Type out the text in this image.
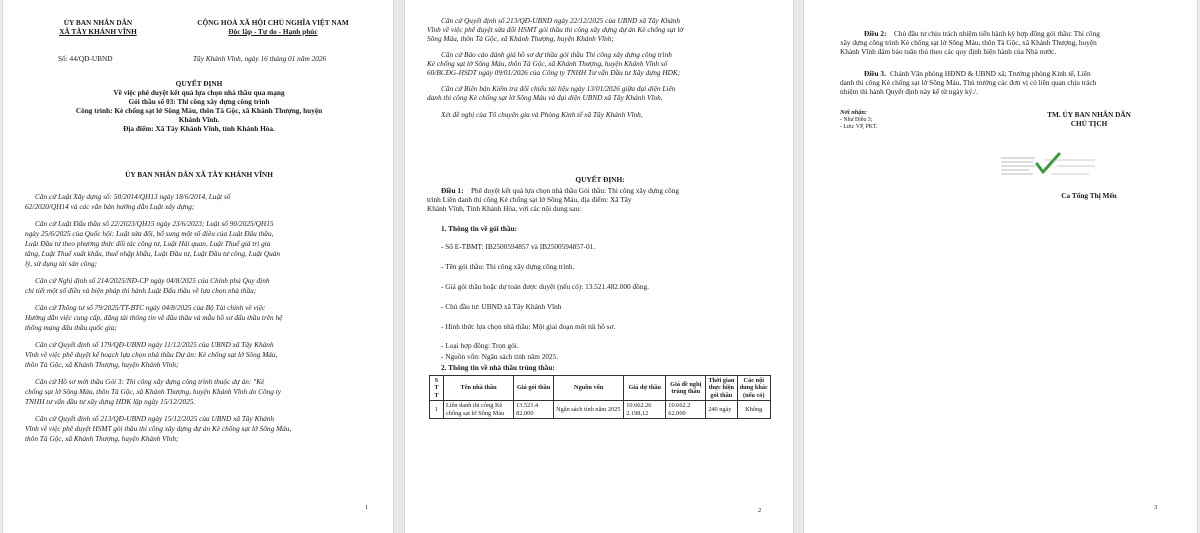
ỦY BAN NHÂN DÂN
XÃ TÂY KHÁNH VĨNH
CỘNG HOÀ XÃ HỘI CHỦ NGHĨA VIỆT NAM
Độc lập - Tự do - Hạnh phúc
Số: 44/QĐ-UBND	Tây Khánh Vĩnh, ngày 16 tháng 01 năm 2026
QUYẾT ĐỊNH
Về việc phê duyệt kết quả lựa chọn nhà thầu qua mạng
Gói thầu số 03: Thi công xây dựng công trình
Công trình: Kè chống sạt lở Sông Máu, thôn Tà Gộc, xã Khánh Thượng, huyện
Khánh Vĩnh.
Địa điểm: Xã Tây Khánh Vĩnh, tỉnh Khánh Hòa.
ỦY BAN NHÂN DÂN XÃ TÂY KHÁNH VĨNH
Căn cứ Luật Xây dựng số: 50/2014/QH13 ngày 18/6/2014, Luật số
62/2020/QH14 và các văn bản hướng dẫn Luật xây dựng;
Căn cứ Luật Đấu thầu số 22/2023/QH15 ngày 23/6/2023; Luật số 90/2025/QH15
ngày 25/6/2025 của Quốc hội: Luật sửa đổi, bổ sung một số điều của Luật Đấu thầu,
Luật Đầu tư theo phương thức đối tác công tư, Luật Hải quan, Luật Thuế giá trị gia
tăng, Luật Thuế xuất khẩu, thuế nhập khẩu, Luật Đầu tư, Luật Đầu tư công, Luật Quản
lý, sử dụng tài sản công;
Căn cứ Nghị định số 214/2025/NĐ-CP ngày 04/8/2025 của Chính phủ Quy định
chi tiết một số điều và biện pháp thi hành Luật Đấu thầu về lựa chọn nhà thầu;
Căn cứ Thông tư số 79/2025/TT-BTC ngày 04/8/2025 của Bộ Tài chính về việc
Hướng dẫn việc cung cấp, đăng tải thông tin về đấu thầu và mẫu hồ sơ đấu thầu trên hệ
thống mạng đấu thầu quốc gia;
Căn cứ Quyết định số 179/QĐ-UBND ngày 11/12/2025 của UBND xã Tây Khánh
Vĩnh về việc phê duyệt kế hoạch lựa chọn nhà thầu Dự án: Kè chống sạt lở Sông Máu,
thôn Tà Gộc, xã Khánh Thượng, huyện Khánh Vĩnh;
Căn cứ Hồ sơ mời thầu Gói 3: Thi công xây dựng công trình thuộc dự án: "Kè
chống sạt lở Sông Máu, thôn Tà Gộc, xã Khánh Thượng, huyện Khánh Vĩnh do Công ty
TNHH tư vấn đầu tư xây dựng HDK lập ngày 15/12/2025.
Căn cứ Quyết định số 213/QĐ-UBND ngày 15/12/2025 của UBND xã Tây Khánh
Vĩnh về việc phê duyệt HSMT gói thầu thi công xây dựng dự án Kè chống sạt lở Sông Máu,
thôn Tà Gộc, xã Khánh Thượng, huyện Khánh Vĩnh;
1
Căn cứ Quyết định số 213/QĐ-UBND ngày 22/12/2025 của UBND xã Tây Khánh
Vĩnh về việc phê duyệt sửa đổi HSMT gói thầu thi công xây dựng dự án Kè chống sạt lở
Sông Máu, thôn Tà Gộc, xã Khánh Thượng, huyện Khánh Vĩnh;
Căn cứ Báo cáo đánh giá hồ sơ dự thầu gói thầu Thi công xây dựng công trình
Kè chống sạt lở Sông Máu, thôn Tà Gộc, xã Khánh Thượng, huyện Khánh Vĩnh số
60/BCĐG-HSDT ngày 09/01/2026 của Công ty TNHH Tư vấn Đầu tư Xây dựng HDK;
Căn cứ Biên bản Kiểm tra đối chiếu tài liệu ngày 13/01/2026 giữa đại diện Liên
danh thi công Kè chống sạt lở Sông Máu và đại diện UBND xã Tây Khánh Vĩnh,
Xét đề nghị của Tổ chuyên gia và Phòng Kinh tế xã Tây Khánh Vĩnh,
QUYẾT ĐỊNH:
Điều 1: Phê duyệt kết quả lựa chọn nhà thầu Gói thầu: Thi công xây dựng công
trình Liên danh thi công Kè chống sạt lở Sông Máu, địa điểm: Xã Tây
Khánh Vĩnh, Tỉnh Khánh Hòa, với các nội dung sau:
1. Thông tin về gói thầu:
- Số E-TBMT: IB2500594857 và IB2500594857-01.
- Tên gói thầu: Thi công xây dựng công trình.
- Giá gói thầu hoặc dự toán được duyệt (nếu có): 13.521.482.000 đồng.
- Chủ đầu tư: UBND xã Tây Khánh Vĩnh
- Hình thức lựa chọn nhà thầu: Một giai đoạn một túi hồ sơ.
- Loại hợp đồng: Trọn gói.
- Nguồn vốn: Ngân sách tỉnh năm 2025.
2. Thông tin về nhà thầu trúng thầu:
S T T	Tên nhà thầu	Giá gói thầu	Nguồn vốn	Giá dự thầu	Giá đề nghị trúng thầu	Thời gian thực hiện gói thầu	Các nội dung khác (nếu có)
1	Liên danh thi công Kè chống sạt lở Sông Máu	13.521.4 82.000	Ngân sách tỉnh năm 2025	10.662.26 2.198,12	10.662.2 62.000	240 ngày	Không
2
Điều 2: Chủ đầu tư chịu trách nhiệm tiến hành ký hợp đồng gói thầu: Thi công
xây dựng công trình Kè chống sạt lở Sông Máu, thôn Tà Gộc, xã Khánh Thượng, huyện
Khánh Vĩnh đảm bảo tuân thủ theo các quy định hiện hành của Nhà nước.
Điều 3. Chánh Văn phòng HĐND & UBND xã; Trưởng phòng Kinh tế, Liên
danh thi công Kè chống sạt lở Sông Máu, Thủ trưởng các đơn vị có liên quan chịu trách
nhiệm thi hành Quyết định này kể từ ngày ký./.
Nơi nhận:
- Như Điều 3;
- Lưu: VP, PKT.
TM. ỦY BAN NHÂN DÂN
CHỦ TỊCH
Ca Tống Thị Mến
3
